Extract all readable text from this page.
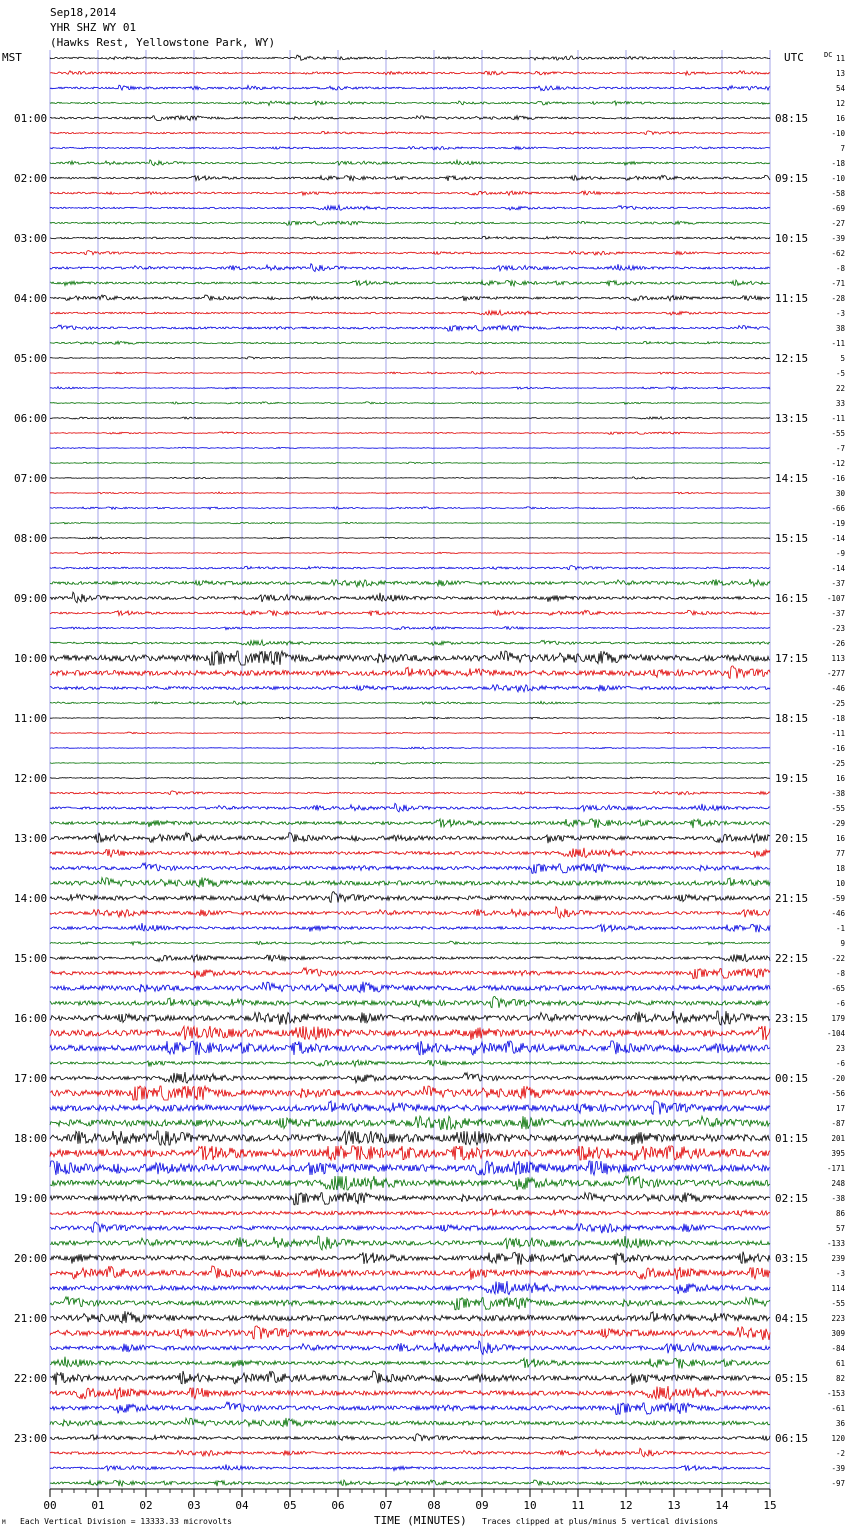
Sep18,2014
YHR SHZ WY 01
(Hawks Rest, Yellowstone Park, WY)
MST	UTC	DC
01:00
02:00
03:00
04:00
05:00
06:00
07:00
08:00
09:00
10:00
11:00
12:00
13:00
14:00
15:00
16:00
17:00
18:00
19:00
20:00
21:00
22:00
23:00
08:15
09:15
10:15
11:15
12:15
13:15
14:15
15:15
16:15
17:15
18:15
19:15
20:15
21:15
22:15
23:15
00:15
01:15
02:15
03:15
04:15
05:15
06:15
11
13
54
12
16
-10
7
-18
-10
-58
-69
-27
-39
-62
-8
-71
-28
-3
38
-11
5
-5
22
33
-11
-55
-7
-12
-16
30
-66
-19
-14
-9
-14
-37
-107
-37
-23
-26
113
-277
-46
-25
-18
-11
-16
-25
16
-38
-55
-29
16
77
18
10
-59
-46
-1
9
-22
-8
-65
-6
179
-104
23
-6
-20
-56
17
-87
201
395
-171
248
-38
86
57
-133
239
-3
114
-55
223
309
-84
61
82
-153
-61
36
120
-2
-39
-97
00	01	02	03	04	05	06	07	08	09	10	11	12	13	14	15
M Each Vertical Division = 13333.33 microvolts	TIME (MINUTES) Traces clipped at plus/minus 5 vertical divisions
